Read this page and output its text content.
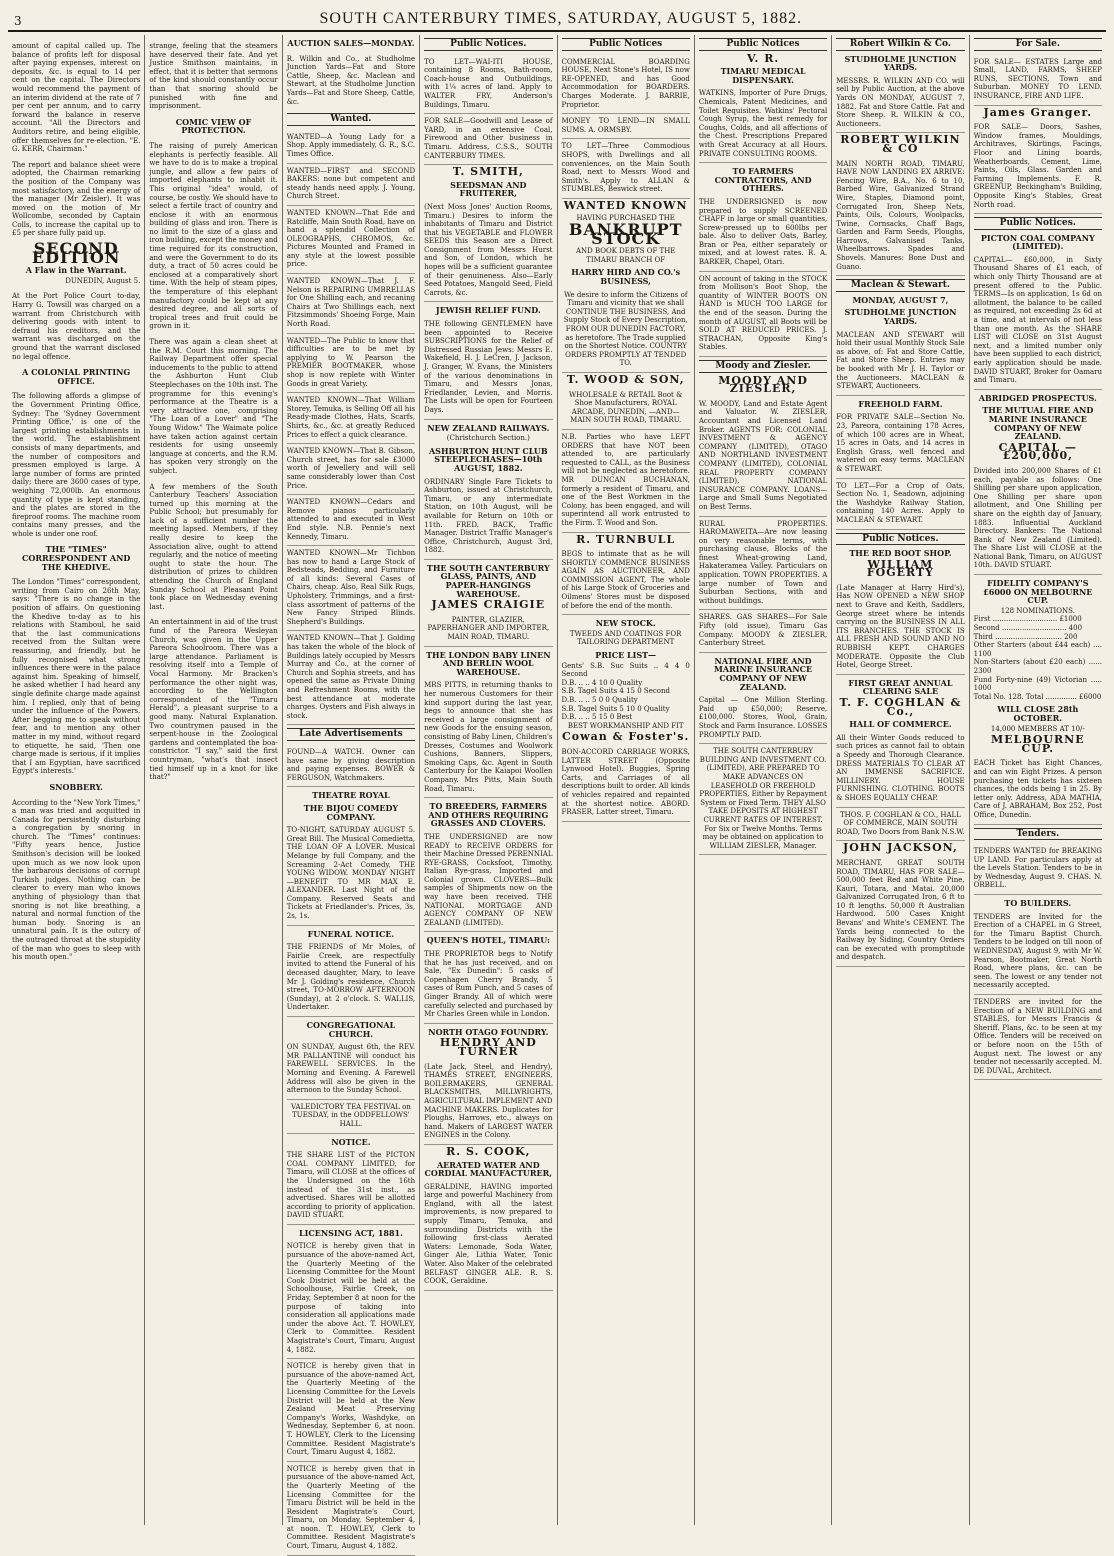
3	SOUTH CANTERBURY TIMES, SATURDAY, AUGUST 5, 1882.

amount of capital called up. The balance of profits left for disposal after paying expenses, interest on deposits, &c. is equal to 14 per cent on the capital. The Directors would recommend the payment of an interim dividend at the rate of 7 per cent per annum, and to carry forward the balance in reserve account. "All the Directors and Auditors retire, and being eligible, offer themselves for re-election. "E. G. KERR, Chairman."

The report and balance sheet were adopted, the Chairman remarking the position of the Company was most satisfactory, and the energy of the manager (Mr Zeisler). It was moved on the motion of Mr Wollcombe, seconded by Captain Colls, to increase the capital up to £5 per share fully paid up.

SECOND EDITION
A Flaw in the Warrant.
DUNEDIN, August 5.

At the Port Police Court to-day, Harry G. Towsill was charged on a warrant from Christchurch with delivering goods with intent to defraud his creditors, and the warrant was discharged on the ground that the warrant disclosed no legal offence.

A COLONIAL PRINTING OFFICE.

The following affords a glimpse of the Government Printing Office, Sydney: The 'Sydney Government Printing Office,' is one of the largest printing establishments in the world. The establishment consists of many departments, and the number of compositors and pressmen employed is large. A large number of forms are printed daily; there are 3600 cases of type, weighing 72,000lb. An enormous quantity of type is kept standing, and the plates are stored in the fireproof rooms. The machine room contains many presses, and the whole is under one roof.

THE "TIMES" CORRESPONDENT AND THE KHEDIVE.

The London "Times" correspondent, writing from Cairo on 26th May, says: "There is no change in the position of affairs. On questioning the Khedive to-day as to his relations with Stamboul, he said that the last communications received from the Sultan were reassuring, and friendly, but he fully recognised what strong influences there were in the palace against him. Speaking of himself, he asked whether I had heard any single definite charge made against him. I replied, only that of being under the influence of the Powers. After begging me to speak without fear, and to mention any other matter in my mind, without regard to etiquette, he said, 'Then one charge made is serious, if it implies that I am Egyptian, have sacrificed Egypt's interests.'

SNOBBERY.

According to the "New York Times," a man was tried and acquitted in Canada for persistently disturbing a congregation by snoring in church. The "Times" continues: "Fifty years hence, Justice Smithson's decision will be looked upon much as we now look upon the barbarous decisions of corrupt Turkish judges. Nothing can be clearer to every man who knows anything of physiology than that snoring is not like breathing, a natural and normal function of the human body. Snoring is an unnatural pain. It is the outcry of the outraged throat at the stupidity of the man who goes to sleep with his mouth open."

strange, feeling that the steamers have deserved their fate. And yet Justice Smithson maintains, in effect, that it is better that sermons of the kind should constantly occur than that snoring should be punished with fine and imprisonment.

COMIC VIEW OF PROTECTION.

The raising of purely American elephants is perfectly feasible. All we have to do is to make a tropical jungle, and allow a few pairs of imported elephants to inhabit it. This original "idea" would, of course, be costly. We should have to select a fertile tract of country and enclose it with an enormous building of glass and iron. There is no limit to the size of a glass and iron building, except the money and time required for its construction, and were the Government to do its duty, a tract of 50 acres could be enclosed at a comparatively short time. With the help of steam pipes, the temperature of this elephant manufactory could be kept at any desired degree, and all sorts of tropical trees and fruit could be grown in it.

There was again a clean sheet at the R.M. Court this morning. The Railway Department offer special inducements to the public to attend the Ashburton Hunt Club Steeplechases on the 10th inst. The programme for this evening's performance at the Theatre is a very attractive one, comprising "The Loan of a Lover" and "The Young Widow." The Waimate police have taken action against certain residents for using unseemly language at concerts, and the R.M. has spoken very strongly on the subject.

A few members of the South Canterbury Teachers' Association turned up this morning at the Public School; but presumably for lack of a sufficient number the meeting lapsed. Members, if they really desire to keep the Association alive, ought to attend regularly, and the notice of meeting ought to state the hour. The distribution of prizes to children attending the Church of England Sunday School at Pleasant Point took place on Wednesday evening last.

An entertainment in aid of the trust fund of the Pareora Wesleyan Church, was given in the Upper Pareora Schoolroom. There was a large attendance. Parliament is resolving itself into a Temple of Vocal Harmony. Mr Bracken's performance the other night was, according to the Wellington correspondent of the "Timaru Herald", a pleasant surprise to a good many. Natural Explanation. Two countrymen paused in the serpent-house in the Zoological gardens and contemplated the boa-constrictor. "I say," said the first countryman, "what's that insect tied himself up in a knot for like that?"

AUCTION SALES—MONDAY.

R. Wilkin and Co., at Studholme Junction Yards—Fat and Store Cattle, Sheep, &c. Maclean and Stewart, at the Studholme Junction Yards—Fat and Store Sheep, Cattle, &c.

Wanted.
WANTED—A Young Lady for a Shop. Apply immediately, G. R., S.C. Times Office.
WANTED—FIRST and SECOND BAKERS: none but competent and steady hands need apply. J. Young, Church Street.
WANTED KNOWN—That Ede and Ratcliffe, Main South Road, have on hand a splendid Collection of OLEOGRAPHS, CHROMOS, &c. Pictures Mounted and Framed in any style at the lowest possible price.
WANTED KNOWN—That J. F. Nelson is REPAIRING UMBRELLAS for One Shilling each, and recaning Chairs at Two Shillings each, next Fitzsimmonds' Shoeing Forge, Main North Road.
WANTED—The Public to know that difficulties are to be met by applying to W. Pearson the PREMIER BOOTMAKER, whose shop is now replete with Winter Goods in great Variety.
WANTED KNOWN—That William Storey, Temuka, is Selling Off all his Ready-made Clothes, Hats, Scarfs, Shirts, &c., &c. at greatly Reduced Prices to effect a quick clearance.
WANTED KNOWN—That B. Gibson, Church street, has for sale £3000 worth of Jewellery and will sell same considerably lower than Cost Price.
WANTED KNOWN—Cedars and Remove pianos particularly attended to and executed in West End style. N.B. Pennie's next Kennedy, Timaru.
WANTED KNOWN—Mr Tichbon has now to hand a Large Stock of Bedsteads, Bedding, and Furniture of all kinds: Several Cases of Chairs, cheap. Also, Real Silk Rugs, Upholstery, Trimmings, and a first-class assortment of patterns of the New Fancy Striped Blinds. Shepherd's Buildings.
WANTED KNOWN—That J. Golding has taken the whole of the block of Buildings lately occupied by Messrs Murray and Co., at the corner of Church and Sophia streets, and has opened the same as Private Dining and Refreshment Rooms, with the best attendance at moderate charges. Oysters and Fish always in stock.
Late Advertisements
FOUND—A WATCH. Owner can have same by giving description and paying expenses. BOWER & FERGUSON, Watchmakers.
THEATRE ROYAL
THE BIJOU COMEDY COMPANY.
TO-NIGHT, SATURDAY AUGUST 5. Great Bill. The Musical Comedietta, THE LOAN OF A LOVER. Musical Melange by full Company, and the Screaming 2-Act Comedy, THE YOUNG WIDOW. MONDAY NIGHT—BENEFIT TO MR MAX E. ALEXANDER. Last Night of the Company. Reserved Seats and Tickets at Friedlander's. Prices, 3s, 2s, 1s.
FUNERAL NOTICE.
THE FRIENDS of Mr Moles, of Fairlie Creek, are respectfully invited to attend the Funeral of his deceased daughter, Mary, to leave Mr J. Golding's residence, Church street, TO-MORROW AFTERNOON (Sunday), at 2 o'clock. S. WALLIS, Undertaker.
CONGREGATIONAL CHURCH.
ON SUNDAY, August 6th, the REV. MR PALLANTINE will conduct his FAREWELL SERVICES. In the Morning and Evening. A Farewell Address will also be given in the afternoon to the Sunday School.
VALEDICTORY TEA FESTIVAL on TUESDAY, in the ODDFELLOWS' HALL.
NOTICE.
THE SHARE LIST of the PICTON COAL COMPANY LIMITED, for Timaru, will CLOSE at the offices of the Undersigned on the 16th instead of the 31st inst., as advertised. Shares will be allotted according to priority of application. DAVID STUART.
LICENSING ACT, 1881.
NOTICE is hereby given that in pursuance of the above-named Act, the Quarterly Meeting of the Licensing Committee for the Mount Cook District will be held at the Schoolhouse, Fairlie Creek, on Friday, September 8 at noon for the purpose of taking into consideration all applications made under the above Act. T. HOWLEY, Clerk to Committee. Resident Magistrate's Court, Timaru, August 4, 1882.
NOTICE is hereby given that in pursuance of the above-named Act, the Quarterly Meeting of the Licensing Committee for the Levels District will be held at the New Zealand Meat Preserving Company's Works, Washdyke, on Wednesday, September 6, at noon. T. HOWLEY, Clerk to the Licensing Committee. Resident Magistrate's Court, Timaru August 4, 1882.
NOTICE is hereby given that in pursuance of the above-named Act, the Quarterly Meeting of the Licensing Committee for the Timaru District will be held in the Resident Magistrate's Court, Timaru, on Monday, September 4, at noon. T. HOWLEY, Clerk to Committee. Resident Magistrate's Court, Timaru, August 4, 1882.
Public Notices.
TO LET—WAI-ITI HOUSE, containing 8 Rooms, Bath-room, Coach-house and Outbuildings, with 1¼ acres of land. Apply to WALTER FRY, Anderson's Buildings, Timaru.
FOR SALE—Goodwill and Lease of YARD, in an extensive Coal, Firewood and Other business in Timaru. Address, C.S.S., SOUTH CANTERBURY TIMES.
T. SMITH,
SEEDSMAN AND FRUITERER,
(Next Moss Jones' Auction Rooms, Timaru.) Desires to inform the inhabitants of Timaru and District that his VEGETABLE and FLOWER SEEDS this Season are a Direct Consignment from Messrs Hurst and Son, of London, which he hopes will be a sufficient guarantee of their genuineness. Also—Early Seed Potatoes, Mangold Seed, Field Carrots, &c.
JEWISH RELIEF FUND.
THE following GENTLEMEN have been appointed to Receive SUBSCRIPTIONS for the Relief of Distressed Russian Jews: Messrs E. Wakefield, H. J. LeCren, J. Jackson, J. Granger, W. Evans, the Ministers of the various denominations in Timaru, and Messrs Jonas, Friedlander, Levien, and Morris. The Lists will be open for Fourteen Days.
NEW ZEALAND RAILWAYS.
(Christchurch Section.)
ASHBURTON HUNT CLUB STEEPLECHASES—10th AUGUST, 1882.
ORDINARY Single Fare Tickets to Ashburton, issued at Christchurch, Timaru, or any intermediate Station, on 10th August, will be available for Return on 10th or 11th. FRED. BACK, Traffic Manager. District Traffic Manager's Office, Christchurch, August 3rd, 1882.
THE SOUTH CANTERBURY GLASS, PAINTS, AND PAPER-HANGINGS WAREHOUSE.
JAMES CRAIGIE
PAINTER, GLAZIER, PAPERHANGER AND IMPORTER, MAIN ROAD, TIMARU.
THE LONDON BABY LINEN AND BERLIN WOOL WAREHOUSE.
MRS PITTS, in returning thanks to her numerous Customers for their kind support during the last year, begs to announce that she has received a large consignment of new Goods for the ensuing season, consisting of Baby Linen, Children's Dresses, Costumes and Woolwork Cushions, Banners, Slippers, Smoking Caps, &c. Agent in South Canterbury for the Kaiapoi Woollen Company. Mrs Pitts, Main South Road, Timaru.
TO BREEDERS, FARMERS AND OTHERS REQUIRING GRASSES AND CLOVERS.
THE UNDERSIGNED are now READY to RECEIVE ORDERS for their Machine Dressed PERENNIAL RYE-GRASS, Cocksfoot, Timothy, Italian Rye-grass, Imported and Colonial grown. CLOVERS—Bulk samples of Shipments now on the way have been received. THE NATIONAL MORTGAGE AND AGENCY COMPANY OF NEW ZEALAND (LIMITED).
QUEEN'S HOTEL, TIMARU:
THE PROPRIETOR begs to Notify that he has just received, and on Sale, "Ex Dunedin": 5 casks of Copenhagen Cherry Brandy, 5 cases of Rum Punch, and 5 cases of Ginger Brandy. All of which were carefully selected and purchased by Mr Charles Green while in London.
NORTH OTAGO FOUNDRY.
HENDRY AND TURNER
(Late Jack, Steel, and Hendry), THAMES STREET, ENGINEERS, BOILERMAKERS, GENERAL BLACKSMITHS, MILLWRIGHTS, AGRICULTURAL IMPLEMENT AND MACHINE MAKERS. Duplicates for Ploughs, Harrows, etc., always on hand. Makers of LARGEST WATER ENGINES in the Colony.
R. S. COOK,
AERATED WATER AND CORDIAL MANUFACTURER,
GERALDINE, HAVING imported large and powerful Machinery from England, with all the latest improvements, is now prepared to supply Timaru, Temuka, and surrounding Districts with the following first-class Aerated Waters: Lemonade, Soda Water, Ginger Ale, Lithia Water, Tonic Water. Also Maker of the celebrated BELFAST GINGER ALE. R. S. COOK, Geraldine.
Public Notices
COMMERCIAL BOARDING HOUSE, Next Stone's Hotel, IS now RE-OPENED, and has Good Accommodation for BOARDERS. Charges Moderate. J. BARRIE, Proprietor.
MONEY TO LEND—IN SMALL SUMS. A. ORMSBY.
TO LET—Three Commodious SHOPS, with Dwellings and all conveniences, on the Main South Road, next to Messrs Wood and Smith's. Apply to ALLAN & STUMBLES, Beswick street.
WANTED KNOWN
HAVING PURCHASED THE
BANKRUPT STOCK
AND BOOK DEBTS OF THE TIMARU BRANCH OF
HARRY HIRD AND CO.'s BUSINESS,
We desire to inform the Citizens of Timaru and vicinity that we shall CONTINUE THE BUSINESS, And Supply Stock of Every Description, FROM OUR DUNEDIN FACTORY, as heretofore. The Trade supplied on the Shortest Notice. COUNTRY ORDERS PROMPTLY AT TENDED TO.
T. WOOD & SON,
WHOLESALE & RETAIL Boot & Shoe Manufacturers, ROYAL ARCADE, DUNEDIN, —AND— MAIN SOUTH ROAD, TIMARU.
N.B. Parties who have LEFT ORDERS that have NOT been attended to, are particularly requested to CALL, as the Business will not be neglected as heretofore. MR DUNCAN BUCHANAN, formerly a resident of Timaru, and one of the Best Workmen in the Colony, has been engaged, and will superintend all work entrusted to the Firm. T. Wood and Son.
R. TURNBULL
BEGS to intimate that as he will SHORTLY COMMENCE BUSINESS AGAIN AS AUCTIONEER, AND COMMISSION AGENT, The whole of his Large Stock of Groceries and Oilmens' Stores must be disposed of before the end of the month.
NEW STOCK.
TWEEDS AND COATINGS FOR TAILORING DEPARTMENT
PRICE LIST—
Gents' S.B. Suc Suits .. 4 4 0 Second
D.B. .. .. 4 10 0 Quality
S.B. Tagel Suits 4 15 0 Second
D.B. .. .. 5 0 0 Quality
S.B. Tagel Suits 5 10 0 Quality
D.B. .. .. 5 15 0 Best
BEST WORKMANSHIP AND FIT
Cowan & Foster's.
BON-ACCORD CARRIAGE WORKS, LATTER STREET (Opposite Lynwood Hotel). Buggies, Spring Carts, and Carriages of all descriptions built to order. All kinds of vehicles repaired and repainted at the shortest notice. ABORD. FRASER, Latter street, Timaru.
Public Notices
V. R.
TIMARU MEDICAL DISPENSARY.
WATKINS, Importer of Pure Drugs, Chemicals, Patent Medicines, and Toilet Requisites. Watkins' Pectoral Cough Syrup, the best remedy for Coughs, Colds, and all affections of the Chest. Prescriptions Prepared with Great Accuracy at all Hours. PRIVATE CONSULTING ROOMS.
TO FARMERS CONTRACTORS, AND OTHERS.
THE UNDERSIGNED is now prepared to supply SCREENED CHAFF in large or small quantities, Screw-pressed up to 600lbs per bale. Also to deliver Oats, Barley, Bran or Pea, either separately or mixed, and at lowest rates. R. A. BARKER, Chapel, Otari.
ON account of taking in the STOCK from Mollison's Boot Shop, the quantity of WINTER BOOTS ON HAND is MUCH TOO LARGE for the end of the season. During the month of AUGUST, all Boots will be SOLD AT REDUCED PRICES. J. STRACHAN, Opposite King's Stables.
Moody and Ziesler.
MOODY AND ZIESLER,
W. MOODY, Land and Estate Agent and Valuator. W. ZIESLER, Accountant and Licensed Land Broker. AGENTS FOR: COLONIAL INVESTMENT & AGENCY COMPANY (LIMITED), OTAGO AND NORTHLAND INVESTMENT COMPANY (LIMITED), COLONIAL REAL PROPERTY COMPANY (LIMITED), NATIONAL INSURANCE COMPANY. LOANS—Large and Small Sums Negotiated on Best Terms.
RURAL PROPERTIES. HAROMAWEITA—Are now leasing on very reasonable terms, with purchasing clause, Blocks of the finest Wheat-growing Land, Hakateramea Valley. Particulars on application. TOWN PROPERTIES. A large number of Town and Suburban Sections, with and without buildings.
SHARES. GAS SHARES—For Sale Fifty (old issue), Timaru Gas Company. MOODY & ZIESLER, Canterbury Street.
NATIONAL FIRE AND MARINE INSURANCE COMPANY OF NEW ZEALAND.
Capital — One Million Sterling. Paid up £50,000; Reserve, £100,000. Stores, Wool, Grain, Stock and Farm Insurance. LOSSES PROMPTLY PAID.
THE SOUTH CANTERBURY BUILDING AND INVESTMENT CO. (LIMITED), ARE PREPARED TO MAKE ADVANCES ON LEASEHOLD OR FREEHOLD PROPERTIES, Either by Repayment System or Fixed Term. THEY ALSO TAKE DEPOSITS AT HIGHEST CURRENT RATES OF INTEREST. For Six or Twelve Months. Terms may be obtained on application to WILLIAM ZIESLER, Manager.
Robert Wilkin & Co.
STUDHOLME JUNCTION YARDS.
MESSRS. R. WILKIN AND CO. will sell by Public Auction, at the above Yards ON MONDAY, AUGUST 7, 1882. Fat and Store Cattle. Fat and Store Sheep. R. WILKIN & CO., Auctioneers.
ROBERT WILKIN & CO
MAIN NORTH ROAD, TIMARU, HAVE NOW LANDING EX ARRIVE: Fencing Wire, B.A., No. 6 to 10, Barbed Wire, Galvanized Strand Wire, Staples, Diamond point, Corrugated Iron, Sheep Nets, Paints, Oils, Colours, Woolpacks, Twine, Cornsacks, Chaff Bags, Garden and Farm Seeds, Ploughs, Harrows, Galvanised Tanks, Wheelbarrows. Spades and Shovels. Manures: Bone Dust and Guano.
Maclean & Stewart.
MONDAY, AUGUST 7,
STUDHOLME JUNCTION YARDS.
MACLEAN AND STEWART will hold their usual Monthly Stock Sale as above, of: Fat and Store Cattle, Fat and Store Sheep. Entries may be booked with Mr J. H. Taylor or the Auctioneers. MACLEAN & STEWART, Auctioneers.
FREEHOLD FARM.
FOR PRIVATE SALE—Section No. 23, Pareora, containing 178 Acres, of which 100 acres are in Wheat, 15 acres in Oats, and 14 acres in English Grass, well fenced and watered on easy terms. MACLEAN & STEWART.
TO LET—For a Crop of Oats, Section No. 1, Seadown, adjoining the Washdyke Railway Station, containing 140 Acres. Apply to MACLEAN & STEWART.
Public Notices.
THE RED BOOT SHOP.
WILLIAM FOGERTY
(Late Manager at Harry Hird's), Has NOW OPENED a NEW SHOP next to Grave and Keith, Saddlers, George street where he intends carrying on the BUSINESS IN ALL ITS BRANCHES. THE STOCK IS ALL FRESH AND SOUND AND NO RUBBISH KEPT. CHARGES MODERATE. Opposite the Club Hotel, George Street.
FIRST GREAT ANNUAL CLEARING SALE
T. F. COGHLAN & Co.,
HALL OF COMMERCE.
All their Winter Goods reduced to such prices as cannot fail to obtain a Speedy and Thorough Clearance. DRESS MATERIALS TO CLEAR AT AN IMMENSE SACRIFICE. MILLINERY. HOUSE FURNISHING. CLOTHING. BOOTS & SHOES EQUALLY CHEAP.
THOS. F. COGHLAN & CO., HALL OF COMMERCE, MAIN SOUTH ROAD, Two Doors from Bank N.S.W.
JOHN JACKSON,
MERCHANT, GREAT SOUTH ROAD, TIMARU, HAS FOR SALE—500,000 feet Red and White Pine, Kauri, Totara, and Matai. 20,000 Galvanized Corrugated Iron, 6 ft to 10 ft lengths. 50,000 ft Australian Hardwood. 500 Cases Knight Bevans' and White's CEMENT. The Yards being connected to the Railway by Siding, Country Orders can be executed with promptitude and despatch.
For Sale.
FOR SALE— ESTATES Large and Small, LAND, FARMS, SHEEP RUNS, SECTIONS, Town and Suburban. MONEY TO LEND. INSURANCE, FIRE AND LIFE.
James Granger.
FOR SALE— Doors, Sashes, Window frames, Mouldings, Architraves, Skirtings, Facings, Floor and Lining boards, Weatherboards, Cement, Lime, Paints, Oils, Glass. Garden and Farming Implements. F. R. GREENUP, Beckingham's Building, Opposite King's Stables, Great North road.
Public Notices.
PICTON COAL COMPANY (LIMITED).
CAPITAL— £60,000, in Sixty Thousand Shares of £1 each, of which only Thirty Thousand are at present offered to the Public. TERMS—Is on application, 1s 6d on allotment, the balance to be called as required, not exceeding 2s 6d at a time, and at intervals of not less than one month. As the SHARE LIST will CLOSE on 31st August next, and a limited number only have been supplied to each district, early application should be made. DAVID STUART, Broker for Oamaru and Timaru.
ABRIDGED PROSPECTUS.
THE MUTUAL FIRE AND MARINE INSURANCE COMPANY OF NEW ZEALAND.
CAPITAL — £200,000,
Divided into 200,000 Shares of £1 each, payable as follows: One Shilling per share upon application, One Shilling per share upon allotment, and One Shilling per share on the eighth day of January, 1883. Influential Auckland Directory. Bankers: The National Bank of New Zealand (Limited). The Share List will CLOSE at the National Bank, Timaru, on AUGUST 10th. DAVID STUART.
FIDELITY COMPANY'S £6000 ON MELBOURNE CUP.
128 NOMINATIONS.
First ............................. £1000
Second ............................. 400
Third .............................. 200
Other Starters (about £44 each) .... 1100
Non-Starters (about £20 each) ...... 2300
Fund Forty-nine (49) Victorian ..... 1000
Total No. 128. Total .............. £6000
WILL CLOSE 28th OCTOBER.
14,000 MEMBERS AT 10/-
MELBOURNE CUP.
EACH Ticket has Eight Chances, and can win Eight Prizes. A person purchasing ten tickets has sixteen chances, the odds being 1 in 25. By letter only. Address, ADA MATHIA, Care of J. ABRAHAM, Box 252, Post Office, Dunedin.
Tenders.
TENDERS WANTED for BREAKING UP LAND. For particulars apply at the Levels Station. Tenders to be in by Wednesday, August 9. CHAS. N. ORBELL.
TO BUILDERS.
TENDERS are Invited for the Erection of a CHAPEL in G Street, for the Timaru Baptist Church. Tenders to be lodged on till noon of WEDNESDAY, August 9, with Mr W. Pearson, Bootmaker, Great North Road, where plans, &c. can be seen. The lowest or any tender not necessarily accepted.
TENDERS are invited for the Erection of a NEW BUILDING and STABLES, for Messrs Francis & Sheriff. Plans, &c. to be seen at my Office. Tenders will be received on or before noon on the 15th of August next. The lowest or any tender not necessarily accepted. M. DE DUVAL, Architect.
